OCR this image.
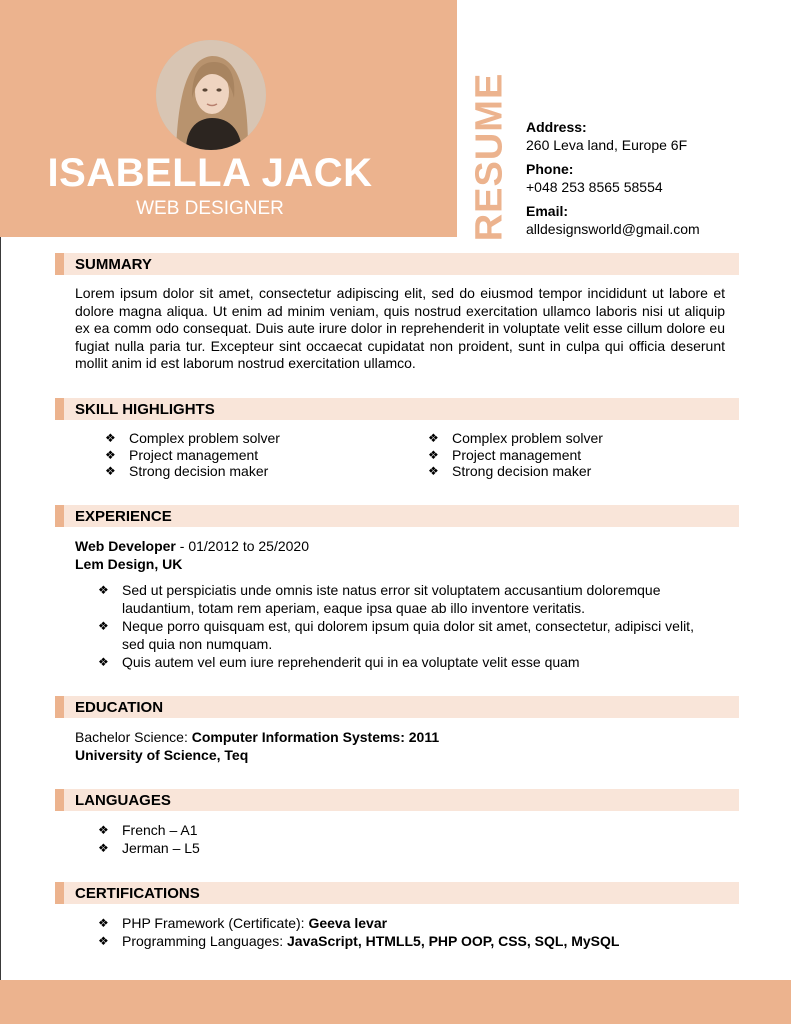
ISABELLA JACK
WEB DESIGNER	RESUME Address:
260 Leva land, Europe 6F
Phone:
+048 253 8565 58554
Email:
alldesignsworld@gmail.com
SUMMARY
Lorem ipsum dolor sit amet, consectetur adipiscing elit, sed do eiusmod tempor incididunt ut labore et dolore magna aliqua. Ut enim ad minim veniam, quis nostrud exercitation ullamco laboris nisi ut aliquip ex ea comm odo consequat. Duis aute irure dolor in reprehenderit in voluptate velit esse cillum dolore eu fugiat nulla paria tur. Excepteur sint occaecat cupidatat non proident, sunt in culpa qui officia deserunt mollit anim id est laborum nostrud exercitation ullamco.
SKILL HIGHLIGHTS
❖ Complex problem solver
❖ Project management
❖ Strong decision maker
❖ Complex problem solver
❖ Project management
❖ Strong decision maker
EXPERIENCE
Web Developer - 01/2012 to 25/2020
Lem Design, UK
❖ Sed ut perspiciatis unde omnis iste natus error sit voluptatem accusantium doloremque laudantium, totam rem aperiam, eaque ipsa quae ab illo inventore veritatis.
❖ Neque porro quisquam est, qui dolorem ipsum quia dolor sit amet, consectetur, adipisci velit, sed quia non numquam.
❖ Quis autem vel eum iure reprehenderit qui in ea voluptate velit esse quam
EDUCATION
Bachelor Science: Computer Information Systems: 2011
University of Science, Teq
LANGUAGES
❖ French – A1
❖ Jerman – L5
CERTIFICATIONS
❖ PHP Framework (Certificate): Geeva levar
❖ Programming Languages: JavaScript, HTMLL5, PHP OOP, CSS, SQL, MySQL
